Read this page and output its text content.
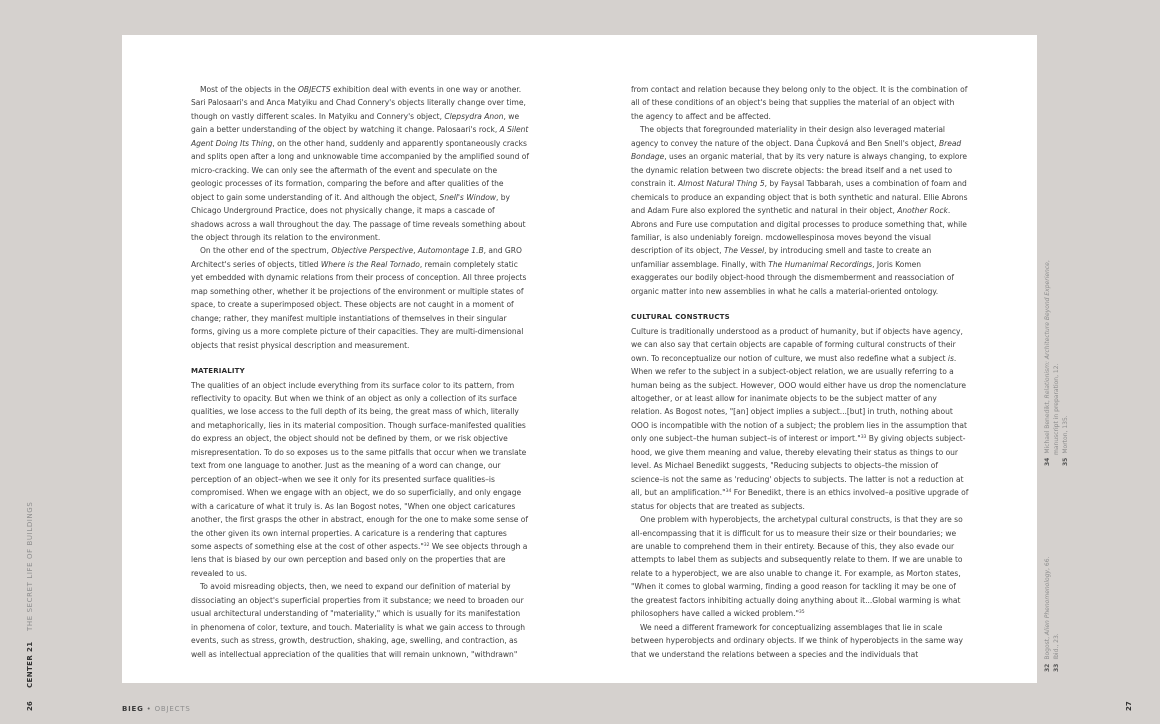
Most of the objects in the OBJECTS exhibition deal with events in one way or another. Sari Palosaari's and Anca Matyiku and Chad Connery's objects literally change over time, though on vastly different scales. In Matyiku and Connery's object, Clepsydra Anon, we gain a better understanding of the object by watching it change. Palosaari's rock, A Silent Agent Doing Its Thing, on the other hand, suddenly and apparently spontaneously cracks and splits open after a long and unknowable time accompanied by the amplified sound of micro-cracking. We can only see the aftermath of the event and speculate on the geologic processes of its formation, comparing the before and after qualities of the object to gain some understanding of it. And although the object, Snell's Window, by Chicago Underground Practice, does not physically change, it maps a cascade of shadows across a wall throughout the day. The passage of time reveals something about the object through its relation to the environment.

On the other end of the spectrum, Objective Perspective, Automontage 1.B, and GRO Architect's series of objects, titled Where is the Real Tornado, remain completely static yet embedded with dynamic relations from their process of conception. All three projects map something other, whether it be projections of the environment or multiple states of space, to create a superimposed object. These objects are not caught in a moment of change; rather, they manifest multiple instantiations of themselves in their singular forms, giving us a more complete picture of their capacities. They are multi-dimensional objects that resist physical description and measurement.

MATERIALITY

The qualities of an object include everything from its surface color to its pattern, from reflectivity to opacity. But when we think of an object as only a collection of its surface qualities, we lose access to the full depth of its being, the great mass of which, literally and metaphorically, lies in its material composition. Though surface-manifested qualities do express an object, the object should not be defined by them, or we risk objective misrepresentation. To do so exposes us to the same pitfalls that occur when we translate text from one language to another. Just as the meaning of a word can change, our perception of an object–when we see it only for its presented surface qualities–is compromised. When we engage with an object, we do so superficially, and only engage with a caricature of what it truly is. As Ian Bogost notes, "When one object caricatures another, the first grasps the other in abstract, enough for the one to make some sense of the other given its own internal properties. A caricature is a rendering that captures some aspects of something else at the cost of other aspects."$^{32}$ We see objects through a lens that is biased by our own perception and based only on the properties that are revealed to us.

To avoid misreading objects, then, we need to expand our definition of material by dissociating an object's superficial properties from it substance; we need to broaden our usual architectural understanding of "materiality," which is usually for its manifestation in phenomena of color, texture, and touch. Materiality is what we gain access to through events, such as stress, growth, destruction, shaking, age, swelling, and contraction, as well as intellectual appreciation of the qualities that will remain unknown, "withdrawn"

from contact and relation because they belong only to the object. It is the combination of all of these conditions of an object's being that supplies the material of an object with the agency to affect and be affected.

The objects that foregrounded materiality in their design also leveraged material agency to convey the nature of the object. Dana Čupková and Ben Snell's object, Bread Bondage, uses an organic material, that by its very nature is always changing, to explore the dynamic relation between two discrete objects: the bread itself and a net used to constrain it. Almost Natural Thing 5, by Faysal Tabbarah, uses a combination of foam and chemicals to produce an expanding object that is both synthetic and natural. Ellie Abrons and Adam Fure also explored the synthetic and natural in their object, Another Rock. Abrons and Fure use computation and digital processes to produce something that, while familiar, is also undeniably foreign. mcdowellespinosa moves beyond the visual description of its object, The Vessel, by introducing smell and taste to create an unfamiliar assemblage. Finally, with The Humanimal Recordings, Joris Komen exaggerates our bodily object-hood through the dismemberment and reassociation of organic matter into new assemblies in what he calls a material-oriented ontology.

CULTURAL CONSTRUCTS

Culture is traditionally understood as a product of humanity, but if objects have agency, we can also say that certain objects are capable of forming cultural constructs of their own. To reconceptualize our notion of culture, we must also redefine what a subject is. When we refer to the subject in a subject-object relation, we are usually referring to a human being as the subject. However, OOO would either have us drop the nomenclature altogether, or at least allow for inanimate objects to be the subject matter of any relation. As Bogost notes, "[an] object implies a subject...[but] in truth, nothing about OOO is incompatible with the notion of a subject; the problem lies in the assumption that only one subject–the human subject–is of interest or import."$^{33}$ By giving objects subject-hood, we give them meaning and value, thereby elevating their status as things to our level. As Michael Benedikt suggests, "Reducing subjects to objects–the mission of science–is not the same as 'reducing' objects to subjects. The latter is not a reduction at all, but an amplification."$^{34}$ For Benedikt, there is an ethics involved–a positive upgrade of status for objects that are treated as subjects.

One problem with hyperobjects, the archetypal cultural constructs, is that they are so all-encompassing that it is difficult for us to measure their size or their boundaries; we are unable to comprehend them in their entirety. Because of this, they also evade our attempts to label them as subjects and subsequently relate to them. If we are unable to relate to a hyperobject, we are also unable to change it. For example, as Morton states, "When it comes to global warming, finding a good reason for tackling it may be one of the greatest factors inhibiting actually doing anything about it...Global warming is what philosophers have called a wicked problem."$^{35}$

We need a different framework for conceptualizing assemblages that lie in scale between hyperobjects and ordinary objects. If we think of hyperobjects in the same way that we understand the relations between a species and the individuals that

26
CENTER 21
THE SECRET LIFE OF BUILDINGS
BIEG • OBJECTS	27
32Bogost, Alien Phenomenology, 66.
33Ibid., 23.
34Michael Benedikt, Relationism: Architecture Beyond Experience,
manuscript in preparation, 12.
35Morton, 135.
